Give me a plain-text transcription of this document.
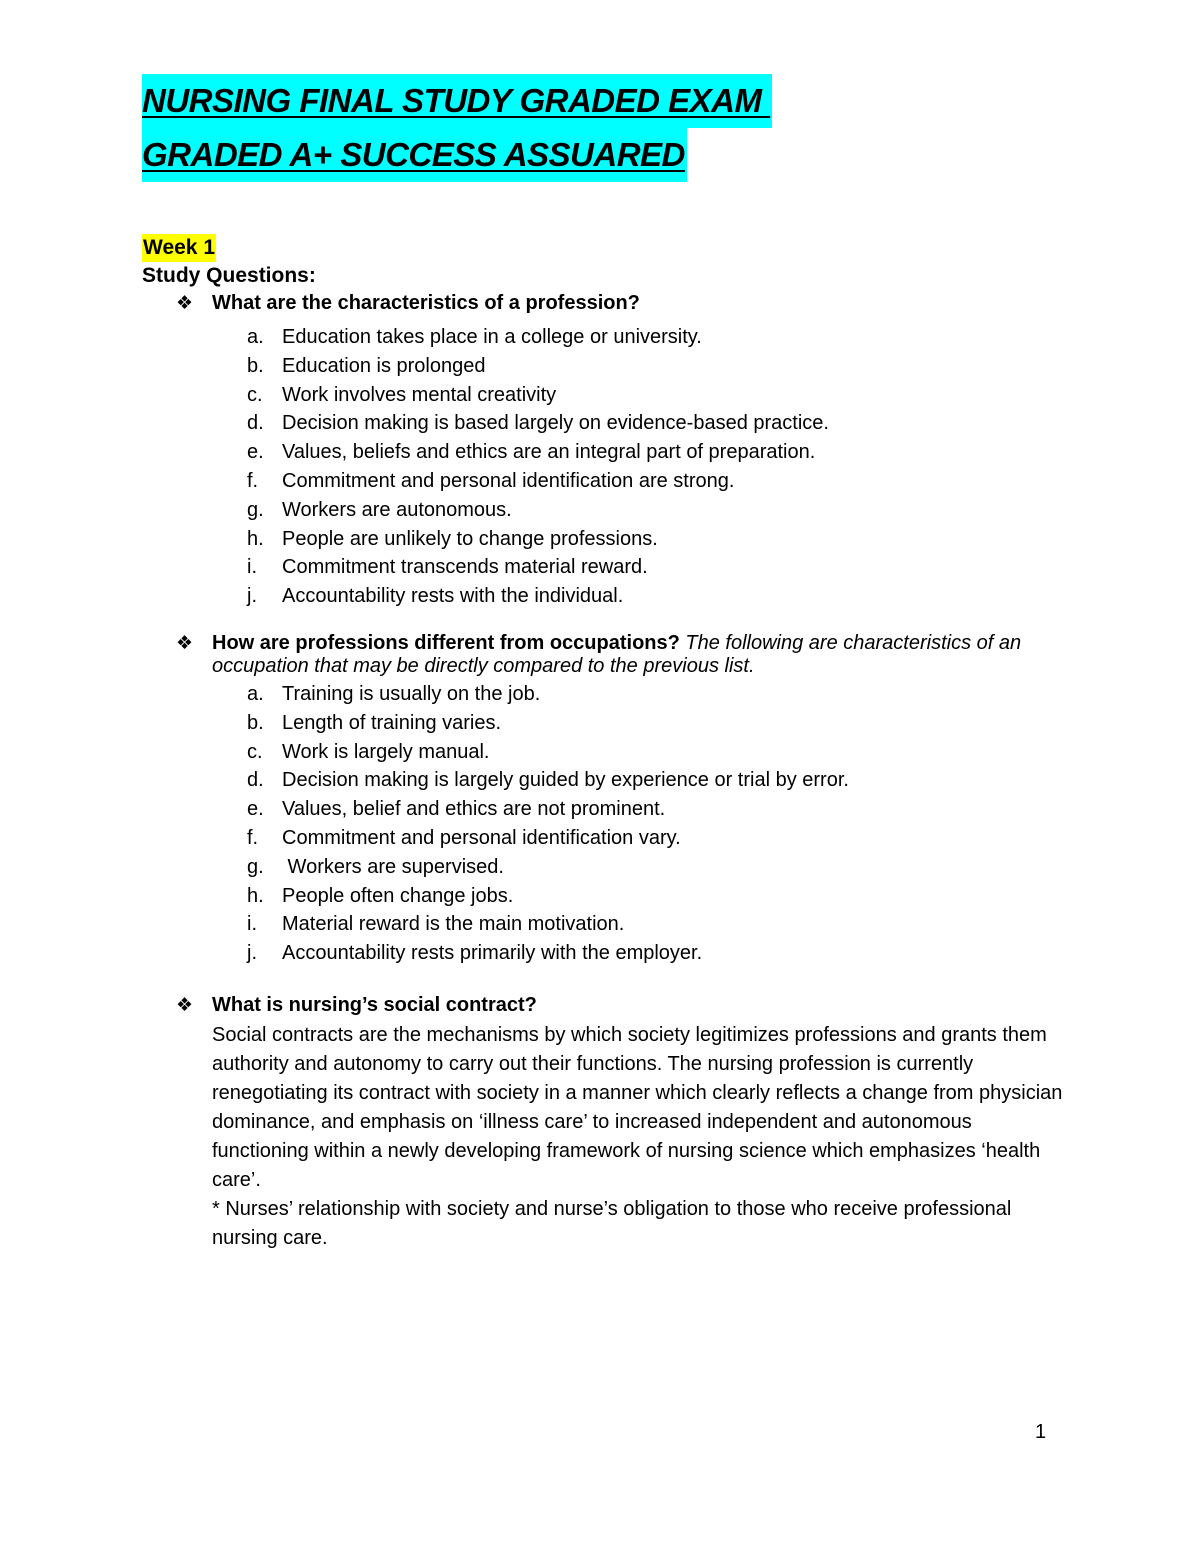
NURSING FINAL STUDY GRADED EXAM
GRADED A+ SUCCESS ASSUARED
Week 1
Study Questions:
❖ What are the characteristics of a profession?
a. Education takes place in a college or university.
b. Education is prolonged
c. Work involves mental creativity
d. Decision making is based largely on evidence-based practice.
e. Values, beliefs and ethics are an integral part of preparation.
f. Commitment and personal identification are strong.
g. Workers are autonomous.
h. People are unlikely to change professions.
i. Commitment transcends material reward.
j. Accountability rests with the individual.
❖ How are professions different from occupations? The following are characteristics of an occupation that may be directly compared to the previous list.
a. Training is usually on the job.
b. Length of training varies.
c. Work is largely manual.
d. Decision making is largely guided by experience or trial by error.
e. Values, belief and ethics are not prominent.
f. Commitment and personal identification vary.
g. Workers are supervised.
h. People often change jobs.
i. Material reward is the main motivation.
j. Accountability rests primarily with the employer.
❖ What is nursing’s social contract?

Social contracts are the mechanisms by which society legitimizes professions and grants them authority and autonomy to carry out their functions. The nursing profession is currently renegotiating its contract with society in a manner which clearly reflects a change from physician dominance, and emphasis on ‘illness care’ to increased independent and autonomous functioning within a newly developing framework of nursing science which emphasizes ‘health care’.

* Nurses’ relationship with society and nurse’s obligation to those who receive professional nursing care.

1
